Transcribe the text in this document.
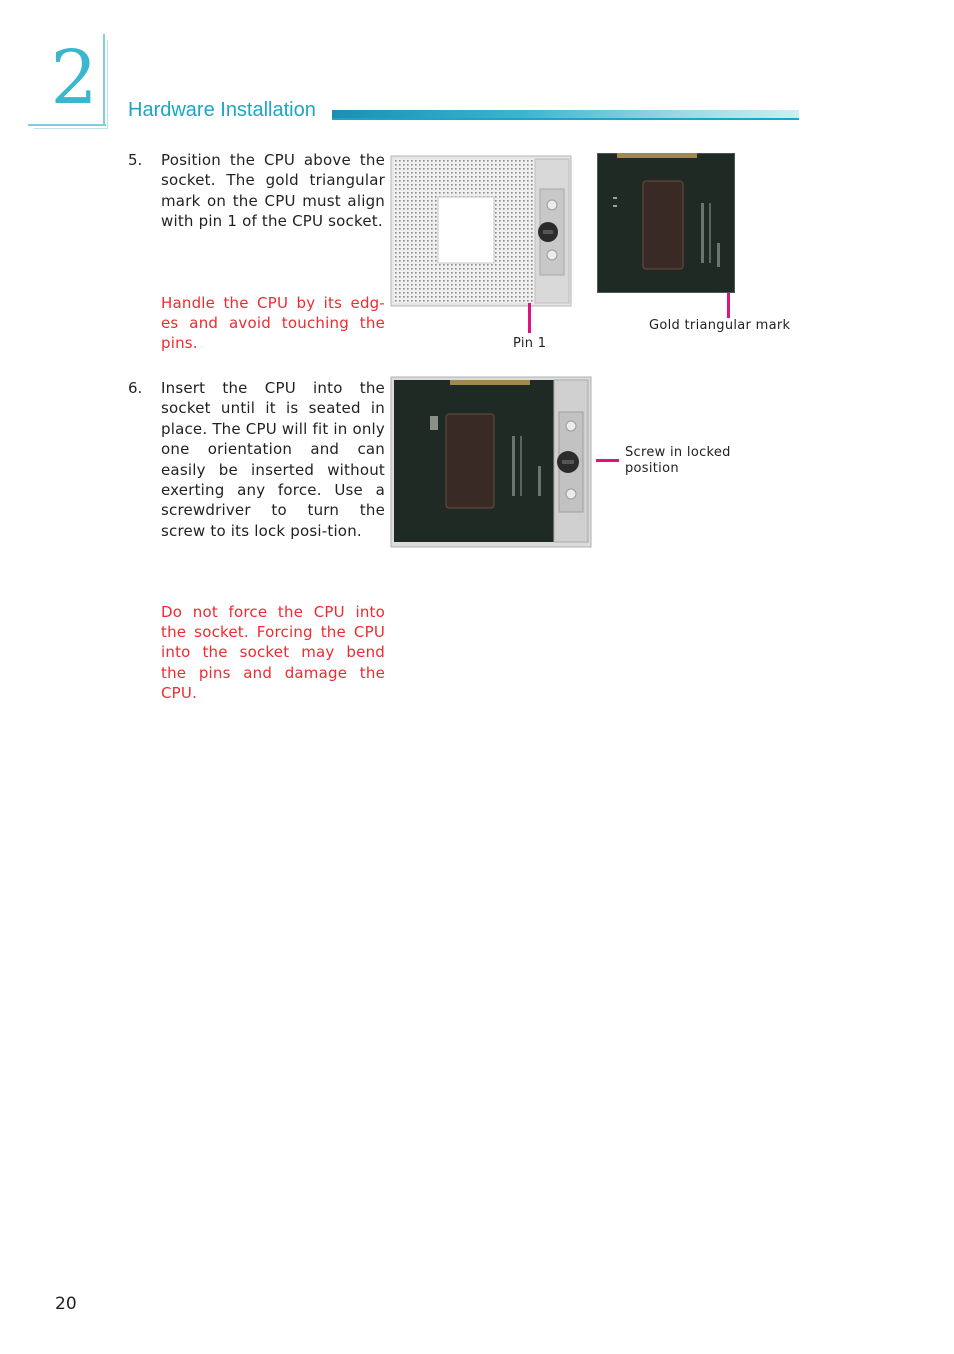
2	Hardware Installation
5. Position the CPU above the socket. The gold triangular mark on the CPU must align with pin 1 of the CPU socket.
Handle the CPU by its edg-es and avoid touching the pins.
6. Insert the CPU into the socket until it is seated in place. The CPU will fit in only one orientation and can easily be inserted without exerting any force. Use a screwdriver to turn the screw to its lock posi-tion.
Do not force the CPU into the socket. Forcing the CPU into the socket may bend the pins and damage the CPU.
Pin 1
Gold triangular mark
Screw in locked
position
20
